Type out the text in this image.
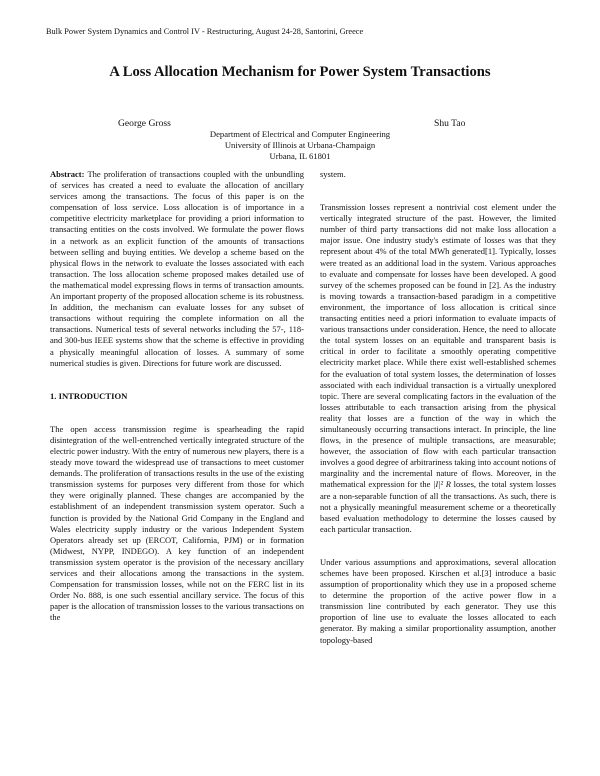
Bulk Power System Dynamics and Control IV - Restructuring, August 24-28, Santorini, Greece
A Loss Allocation Mechanism for Power System Transactions
George Gross	Shu Tao
Department of Electrical and Computer Engineering
University of Illinois at Urbana-Champaign
Urbana, IL 61801

Abstract: The proliferation of transactions coupled with the unbundling of services has created a need to evaluate the allocation of ancillary services among the transactions. The focus of this paper is on the compensation of loss service. Loss allocation is of importance in a competitive electricity marketplace for providing a priori information to transacting entities on the costs involved. We formulate the power flows in a network as an explicit function of the amounts of transactions between selling and buying entities. We develop a scheme based on the physical flows in the network to evaluate the losses associated with each transaction. The loss allocation scheme proposed makes detailed use of the mathematical model expressing flows in terms of transaction amounts. An important property of the proposed allocation scheme is its robustness. In addition, the mechanism can evaluate losses for any subset of transactions without requiring the complete information on all the transactions. Numerical tests of several networks including the 57-, 118- and 300-bus IEEE systems show that the scheme is effective in providing a physically meaningful allocation of losses. A summary of some numerical studies is given. Directions for future work are discussed.

1. INTRODUCTION

The open access transmission regime is spearheading the rapid disintegration of the well-entrenched vertically integrated structure of the electric power industry. With the entry of numerous new players, there is a steady move toward the widespread use of transactions to meet customer demands. The proliferation of transactions results in the use of the existing transmission systems for purposes very different from those for which they were originally planned. These changes are accompanied by the establishment of an independent transmission system operator. Such a function is provided by the National Grid Company in the England and Wales electricity supply industry or the various Independent System Operators already set up (ERCOT, California, PJM) or in formation (Midwest, NYPP, INDEGO). A key function of an independent transmission system operator is the provision of the necessary ancillary services and their allocations among the transactions in the system. Compensation for transmission losses, while not on the FERC list in its Order No. 888, is one such essential ancillary service. The focus of this paper is the allocation of transmission losses to the various transactions on the

system.

Transmission losses represent a nontrivial cost element under the vertically integrated structure of the past. However, the limited number of third party transactions did not make loss allocation a major issue. One industry study's estimate of losses was that they represent about 4% of the total MWh generated[1]. Typically, losses were treated as an additional load in the system. Various approaches to evaluate and compensate for losses have been developed. A good survey of the schemes proposed can be found in [2]. As the industry is moving towards a transaction-based paradigm in a competitive environment, the importance of loss allocation is critical since transacting entities need a priori information to evaluate impacts of various transactions under consideration. Hence, the need to allocate the total system losses on an equitable and transparent basis is critical in order to facilitate a smoothly operating competitive electricity market place. While there exist well-established schemes for the evaluation of total system losses, the determination of losses associated with each individual transaction is a virtually unexplored topic. There are several complicating factors in the evaluation of the losses attributable to each transaction arising from the physical reality that losses are a function of the way in which the simultaneously occurring transactions interact. In principle, the line flows, in the presence of multiple transactions, are measurable; however, the association of flow with each particular transaction involves a good degree of arbitrariness taking into account notions of marginality and the incremental nature of flows. Moreover, in the mathematical expression for the |I|² R losses, the total system losses are a non-separable function of all the transactions. As such, there is not a physically meaningful measurement scheme or a theoretically based evaluation methodology to determine the losses caused by each particular transaction.

Under various assumptions and approximations, several allocation schemes have been proposed. Kirschen et al.[3] introduce a basic assumption of proportionality which they use in a proposed scheme to determine the proportion of the active power flow in a transmission line contributed by each generator. They use this proportion of line use to evaluate the losses allocated to each generator. By making a similar proportionality assumption, another topology-based
